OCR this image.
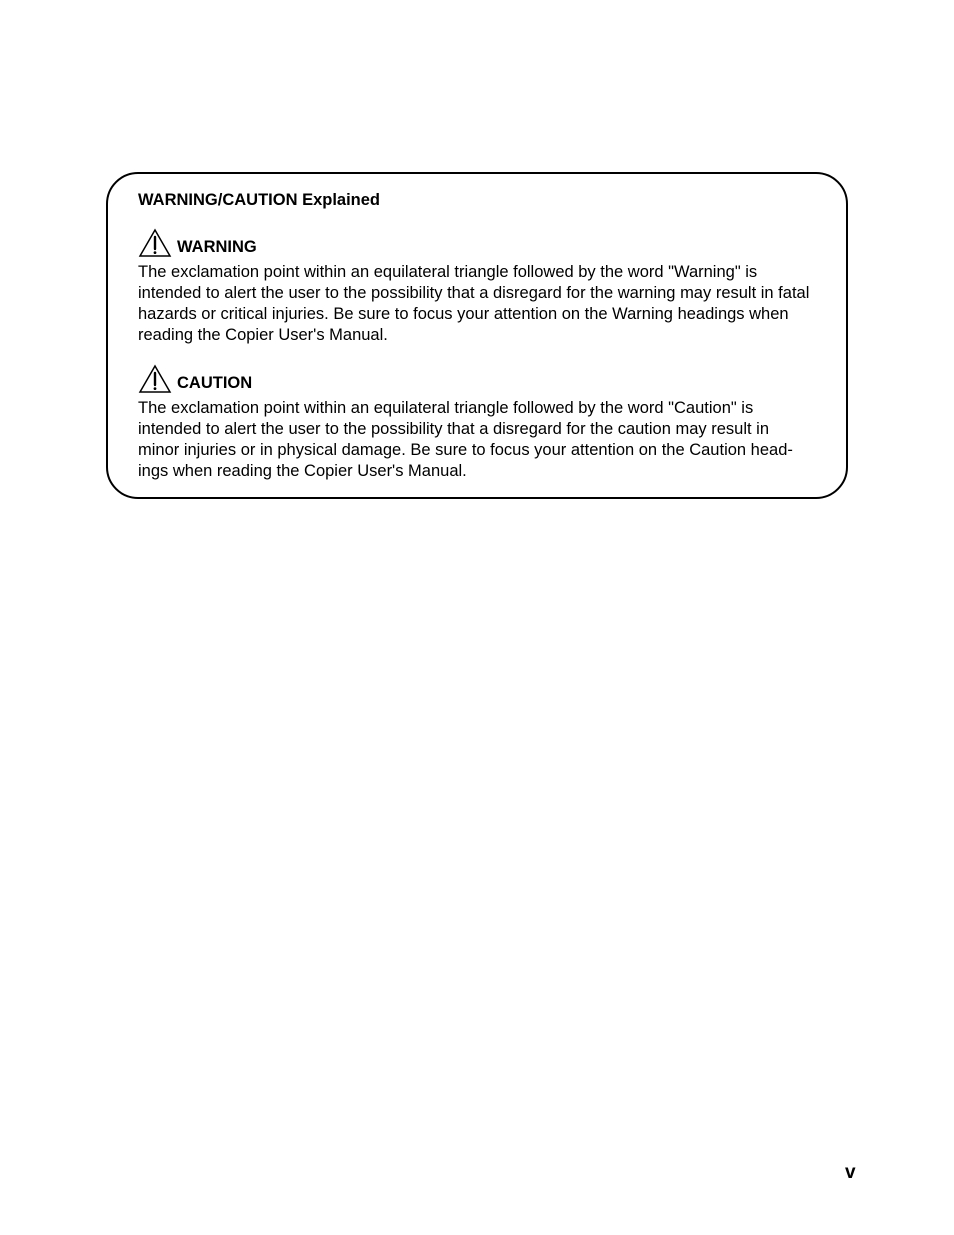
WARNING/CAUTION Explained
WARNING

The exclamation point within an equilateral triangle followed by the word "Warning" is
intended to alert the user to the possibility that a disregard for the warning may result in fatal
hazards or critical injuries. Be sure to focus your attention on the Warning headings when
reading the Copier User's Manual.

CAUTION

The exclamation point within an equilateral triangle followed by the word "Caution" is
intended to alert the user to the possibility that a disregard for the caution may result in
minor injuries or in physical damage. Be sure to focus your attention on the Caution head-
ings when reading the Copier User's Manual.

v
